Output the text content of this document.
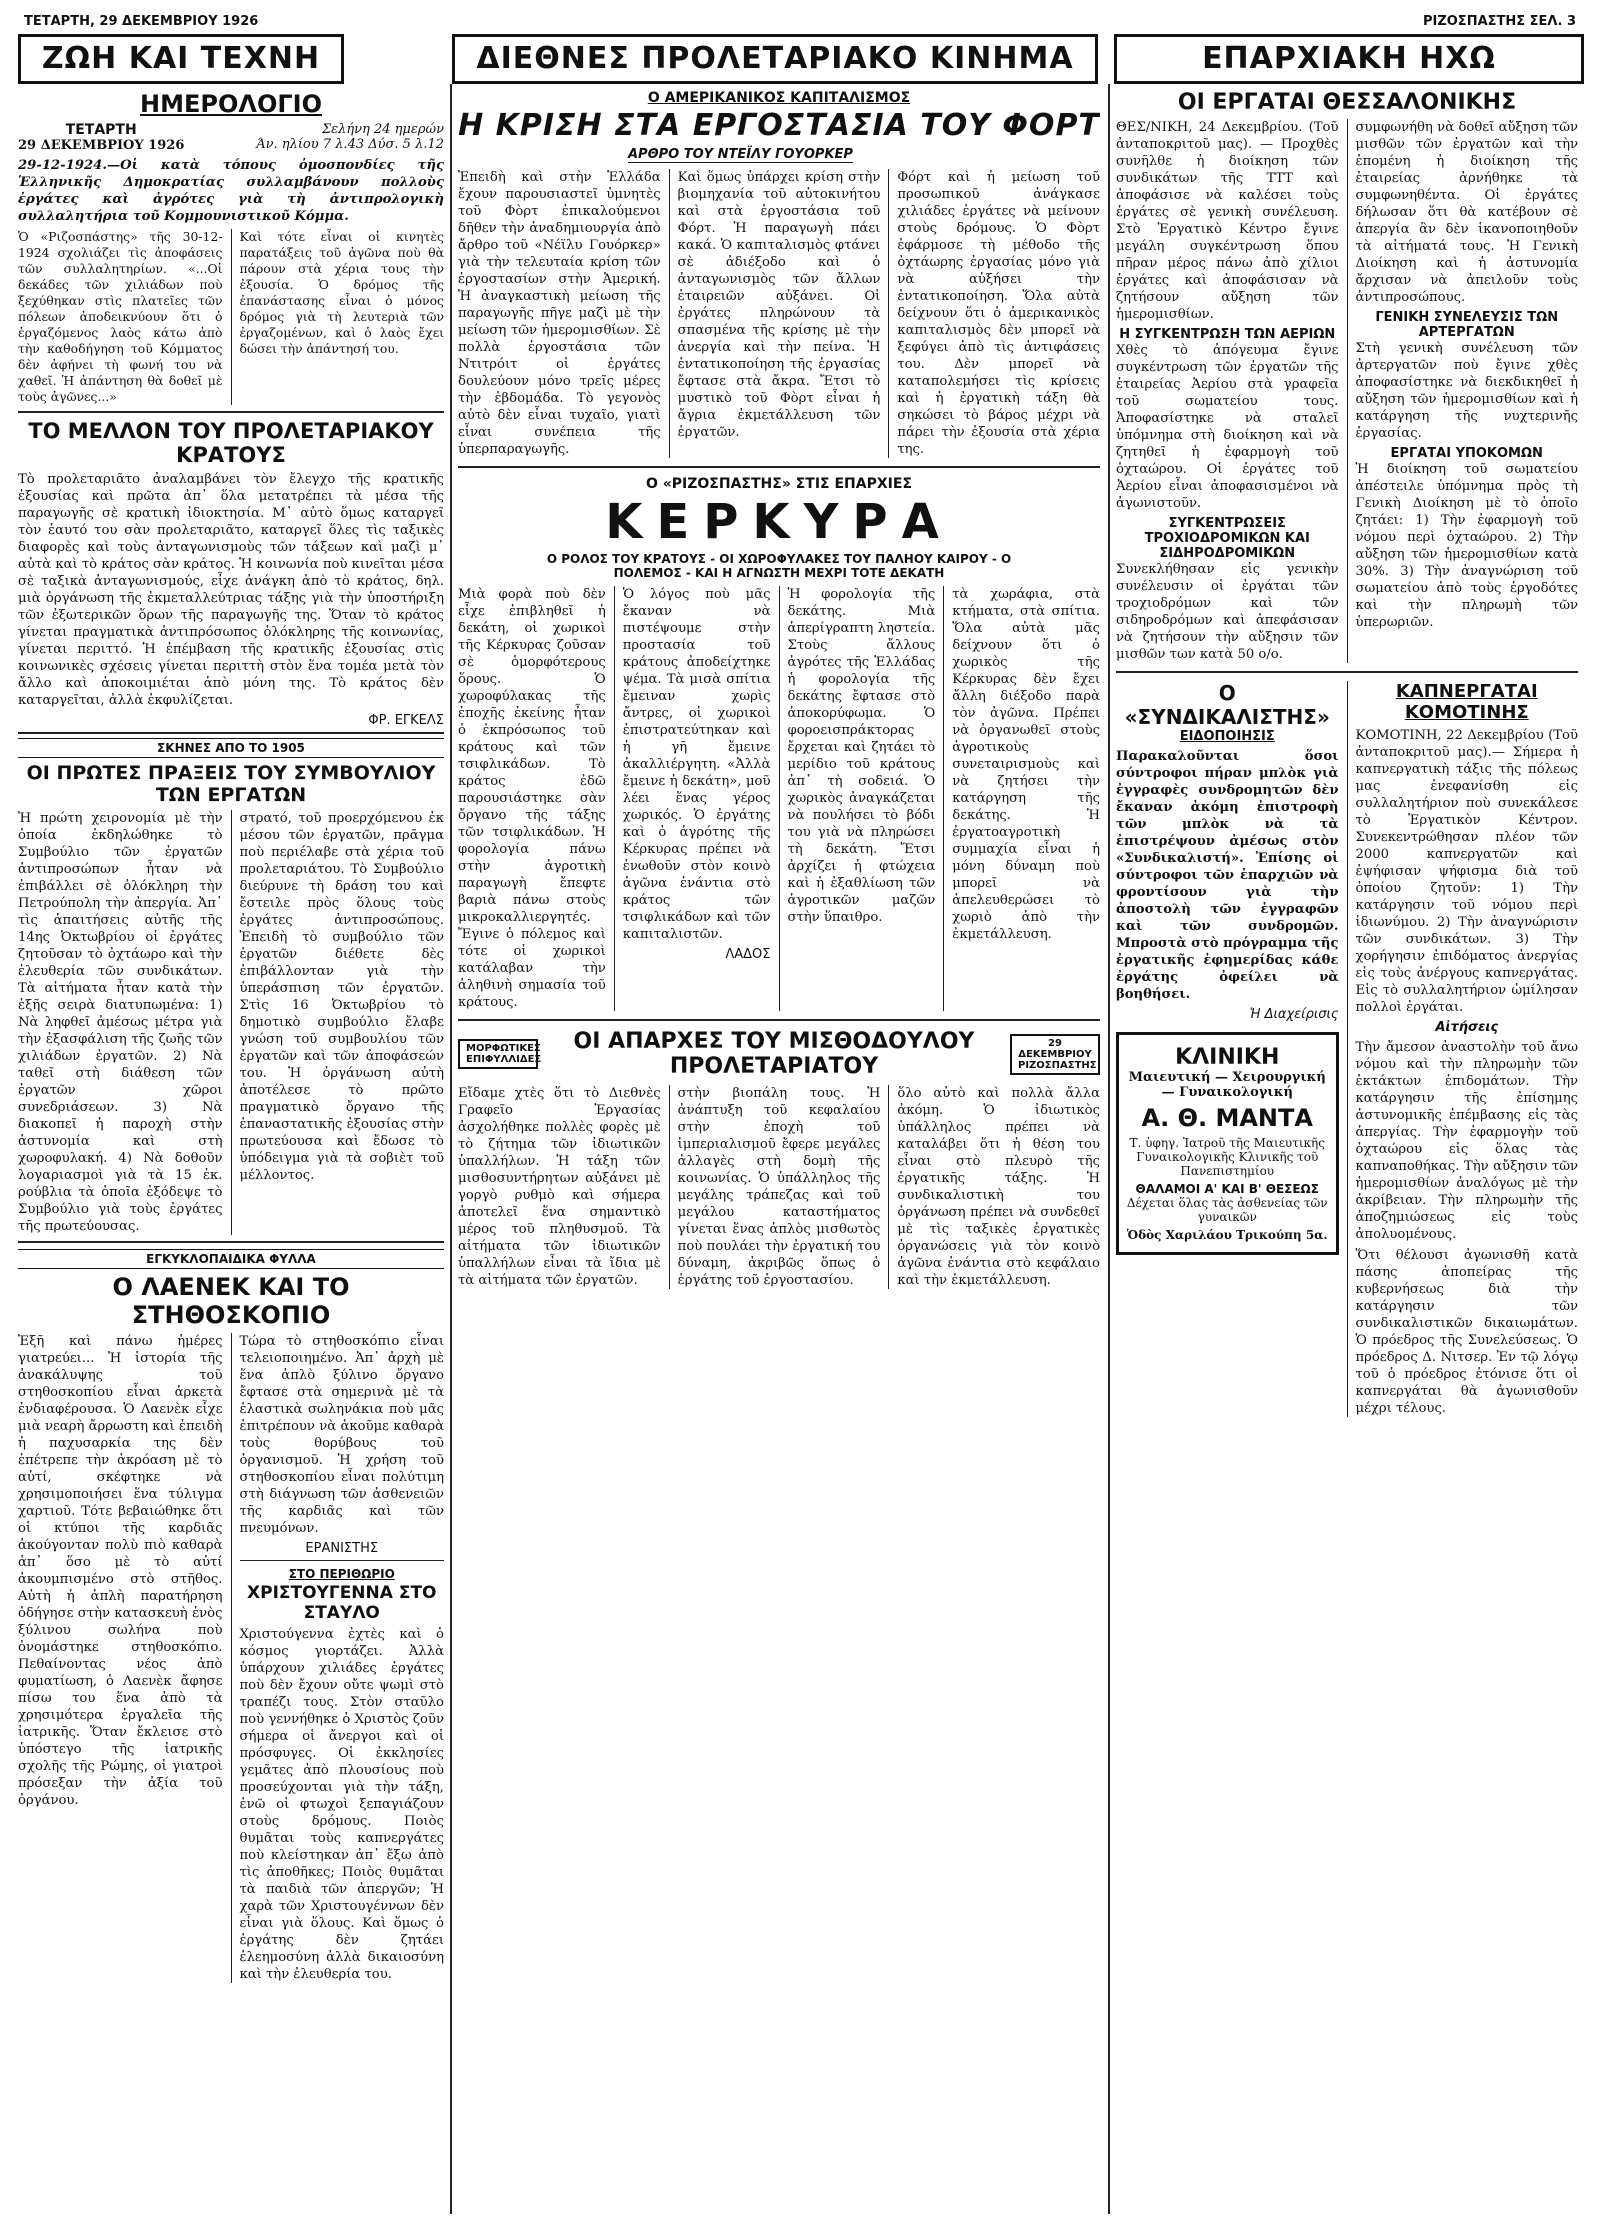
ΤΕΤΑΡΤΗ, 29 ΔΕΚΕΜΒΡΙΟΥ 1926	ΡΙΖΟΣΠΑΣΤΗΣ ΣΕΛ. 3
ΖΩΗ ΚΑΙ ΤΕΧΝΗ	ΔΙΕΘΝΕΣ ΠΡΟΛΕΤΑΡΙΑΚΟ ΚΙΝΗΜΑ	ΕΠΑΡΧΙΑΚΗ ΗΧΩ
ΗΜΕΡΟΛΟΓΙΟ
ΤΕΤΑΡΤΗ
29 ΔΕΚΕΜΒΡΙΟΥ 1926
Σελήνη 24 ημερών
Άν. ηλίου 7 λ.43 Δύσ. 5 λ.12

29-12-1924.—Οἱ κατὰ τόπους ὀμοσπονδίες τῆς Ἑλληνικῆς Δημοκρατίας συλλαμβάνουν πολλοὺς ἐργάτες καὶ ἀγρότες γιὰ τὴ ἀντιπρολογικὴ συλλαλητήρια τοῦ Κομμουνιστικοῦ Κόμμα.

Ὁ «Ριζοσπάστης» τῆς 30-12-1924 σχολιάζει τὶς ἀποφάσεις τῶν συλλαλητηρίων. «...Οἱ δεκάδες τῶν χιλιάδων ποὺ ξεχύθηκαν στὶς πλατεῖες τῶν πόλεων ἀποδεικνύουν ὅτι ὁ ἐργαζόμενος λαὸς κάτω ἀπὸ τὴν καθοδήγηση τοῦ Κόμματος δὲν ἀφήνει τὴ φωνή του νὰ χαθεῖ. Ἡ ἀπάντηση θὰ δοθεῖ μὲ τοὺς ἀγῶνες...»

Καὶ τότε εἶναι οἱ κινητὲς παρατάξεις τοῦ ἀγῶνα ποὺ θὰ πάρουν στὰ χέρια τους τὴν ἐξουσία. Ὁ δρόμος τῆς ἐπανάστασης εἶναι ὁ μόνος δρόμος γιὰ τὴ λευτεριὰ τῶν ἐργαζομένων, καὶ ὁ λαὸς ἔχει δώσει τὴν ἀπάντησή του.

ΤΟ ΜΕΛΛΟΝ ΤΟΥ ΠΡΟΛΕΤΑΡΙΑΚΟΥ ΚΡΑΤΟΥΣ

Τὸ προλεταριᾶτο ἀναλαμβάνει τὸν ἔλεγχο τῆς κρατικῆς ἐξουσίας καὶ πρῶτα ἀπ᾽ ὅλα μετατρέπει τὰ μέσα τῆς παραγωγῆς σὲ κρατικὴ ἰδιοκτησία. Μ᾽ αὐτὸ ὅμως καταργεῖ τὸν ἑαυτό του σὰν προλεταριᾶτο, καταργεῖ ὅλες τὶς ταξικὲς διαφορὲς καὶ τοὺς ἀνταγωνισμοὺς τῶν τάξεων καὶ μαζὶ μ᾽ αὐτὰ καὶ τὸ κράτος σὰν κράτος. Ἡ κοινωνία ποὺ κινεῖται μέσα σὲ ταξικὰ ἀνταγωνισμούς, εἶχε ἀνάγκη ἀπὸ τὸ κράτος, δηλ. μιὰ ὀργάνωση τῆς ἐκμεταλλεύτριας τάξης γιὰ τὴν ὑποστήριξη τῶν ἐξωτερικῶν ὅρων τῆς παραγωγῆς της. Ὅταν τὸ κράτος γίνεται πραγματικὰ ἀντιπρόσωπος ὁλόκληρης τῆς κοινωνίας, γίνεται περιττό. Ἡ ἐπέμβαση τῆς κρατικῆς ἐξουσίας στὶς κοινωνικὲς σχέσεις γίνεται περιττὴ στὸν ἕνα τομέα μετὰ τὸν ἄλλο καὶ ἀποκοιμιέται ἀπὸ μόνη της. Τὸ κράτος δὲν καταργεῖται, ἀλλὰ ἐκφυλίζεται.

ΦΡ. ΕΓΚΕΛΣ
ΣΚΗΝΕΣ ΑΠΟ ΤΟ 1905
ΟΙ ΠΡΩΤΕΣ ΠΡΑΞΕΙΣ ΤΟΥ ΣΥΜΒΟΥΛΙΟΥ ΤΩΝ ΕΡΓΑΤΩΝ

Ἡ πρώτη χειρονομία μὲ τὴν ὁποία ἐκδηλώθηκε τὸ Συμβούλιο τῶν ἐργατῶν ἀντιπροσώπων ἦταν νὰ ἐπιβάλλει σὲ ὁλόκληρη τὴν Πετρούπολη τὴν ἀπεργία. Ἀπ᾽ τὶς ἀπαιτήσεις αὐτῆς τῆς 14ης Ὀκτωβρίου οἱ ἐργάτες ζητοῦσαν τὸ ὀχτάωρο καὶ τὴν ἐλευθερία τῶν συνδικάτων. Τὰ αἰτήματα ἦταν κατὰ τὴν ἑξῆς σειρὰ διατυπωμένα: 1) Νὰ ληφθεῖ ἀμέσως μέτρα γιὰ τὴν ἐξασφάλιση τῆς ζωῆς τῶν χιλιάδων ἐργατῶν. 2) Νὰ ταθεῖ στὴ διάθεση τῶν ἐργατῶν χῶροι συνεδριάσεων. 3) Νὰ διακοπεῖ ἡ παροχὴ στὴν ἀστυνομία καὶ στὴ χωροφυλακή. 4) Νὰ δοθοῦν λογαριασμοὶ γιὰ τὰ 15 ἑκ. ρούβλια τὰ ὁποῖα ἐξόδεψε τὸ Συμβούλιο γιὰ τοὺς ἐργάτες τῆς πρωτεύουσας.

στρατό, τοῦ προερχόμενου ἐκ μέσου τῶν ἐργατῶν, πρᾶγμα ποὺ περιέλαβε στὰ χέρια τοῦ προλεταριάτου. Τὸ Συμβούλιο διεύρυνε τὴ δράση του καὶ ἔστειλε πρὸς ὅλους τοὺς ἐργάτες ἀντιπροσώπους. Ἐπειδὴ τὸ συμβούλιο τῶν ἐργατῶν διέθετε δὲς ἐπιβάλλονταν γιὰ τὴν ὑπεράσπιση τῶν ἐργατῶν. Στὶς 16 Ὀκτωβρίου τὸ δημοτικὸ συμβούλιο ἔλαβε γνώση τοῦ συμβουλίου τῶν ἐργατῶν καὶ τῶν ἀποφάσεών του. Ἡ ὀργάνωση αὐτὴ ἀποτέλεσε τὸ πρῶτο πραγματικὸ ὄργανο τῆς ἐπαναστατικῆς ἐξουσίας στὴν πρωτεύουσα καὶ ἔδωσε τὸ ὑπόδειγμα γιὰ τὰ σοβιὲτ τοῦ μέλλοντος.

ΕΓΚΥΚΛΟΠΑΙΔΙΚΑ ΦΥΛΛΑ
Ο ΛΑΕΝΕΚ ΚΑΙ ΤΟ ΣΤΗΘΟΣΚΟΠΙΟ

Ἑξῆ καὶ πάνω ἡμέρες γιατρεύει... Ἡ ἱστορία τῆς ἀνακάλυψης τοῦ στηθοσκοπίου εἶναι ἀρκετὰ ἐνδιαφέρουσα. Ὁ Λαενὲκ εἶχε μιὰ νεαρὴ ἄρρωστη καὶ ἐπειδὴ ἡ παχυσαρκία της δὲν ἐπέτρεπε τὴν ἀκρόαση μὲ τὸ αὐτί, σκέφτηκε νὰ χρησιμοποιήσει ἕνα τύλιγμα χαρτιοῦ. Τότε βεβαιώθηκε ὅτι οἱ κτύποι τῆς καρδιᾶς ἀκούγονταν πολὺ πιὸ καθαρὰ ἀπ᾽ ὅσο μὲ τὸ αὐτί ἀκουμπισμένο στὸ στῆθος. Αὐτὴ ἡ ἁπλὴ παρατήρηση ὁδήγησε στὴν κατασκευὴ ἑνὸς ξύλινου σωλήνα ποὺ ὀνομάστηκε στηθοσκόπιο. Πεθαίνοντας νέος ἀπὸ φυματίωση, ὁ Λαενὲκ ἄφησε πίσω του ἕνα ἀπὸ τὰ χρησιμότερα ἐργαλεῖα τῆς ἰατρικῆς. Ὅταν ἔκλεισε στὸ ὑπόστεγο τῆς ἰατρικῆς σχολῆς τῆς Ρώμης, οἱ γιατροὶ πρόσεξαν τὴν ἀξία τοῦ ὀργάνου.

Τώρα τὸ στηθοσκόπιο εἶναι τελειοποιημένο. Ἀπ᾽ ἀρχὴ μὲ ἕνα ἁπλὸ ξύλινο ὄργανο ἔφτασε στὰ σημερινὰ μὲ τὰ ἐλαστικὰ σωληνάκια ποὺ μᾶς ἐπιτρέπουν νὰ ἀκοῦμε καθαρὰ τοὺς θορύβους τοῦ ὀργανισμοῦ. Ἡ χρήση τοῦ στηθοσκοπίου εἶναι πολύτιμη στὴ διάγνωση τῶν ἀσθενειῶν τῆς καρδιᾶς καὶ τῶν πνευμόνων.

ΕΡΑΝΙΣΤΗΣ
ΣΤΟ ΠΕΡΙΘΩΡΙΟ
ΧΡΙΣΤΟΥΓΕΝΝΑ ΣΤΟ ΣΤΑΥΛΟ

Χριστούγεννα ἐχτὲς καὶ ὁ κόσμος γιορτάζει. Ἀλλὰ ὑπάρχουν χιλιάδες ἐργάτες ποὺ δὲν ἔχουν οὔτε ψωμὶ στὸ τραπέζι τους. Στὸν σταῦλο ποὺ γεννήθηκε ὁ Χριστὸς ζοῦν σήμερα οἱ ἄνεργοι καὶ οἱ πρόσφυγες. Οἱ ἐκκλησίες γεμᾶτες ἀπὸ πλουσίους ποὺ προσεύχονται γιὰ τὴν τάξη, ἐνῶ οἱ φτωχοὶ ξεπαγιάζουν στοὺς δρόμους. Ποιὸς θυμᾶται τοὺς καπνεργάτες ποὺ κλείστηκαν ἀπ᾽ ἔξω ἀπὸ τὶς ἀποθῆκες; Ποιὸς θυμᾶται τὰ παιδιὰ τῶν ἀπεργῶν; Ἡ χαρὰ τῶν Χριστουγέννων δὲν εἶναι γιὰ ὅλους. Καὶ ὅμως ὁ ἐργάτης δὲν ζητάει ἐλεημοσύνη ἀλλὰ δικαιοσύνη καὶ τὴν ἐλευθερία του.

Ο ΑΜΕΡΙΚΑΝΙΚΟΣ ΚΑΠΙΤΑΛΙΣΜΟΣ
Η ΚΡΙΣΗ ΣΤΑ ΕΡΓΟΣΤΑΣΙΑ ΤΟΥ ΦΟΡΤ
ΑΡΘΡΟ ΤΟΥ ΝΤΕΪΛΥ ΓΟΥΟΡΚΕΡ

Ἐπειδὴ καὶ στὴν Ἑλλάδα ἔχουν παρουσιαστεῖ ὑμνητὲς τοῦ Φὸρτ ἐπικαλούμενοι δῆθεν τὴν ἀναδημιουργία ἀπὸ ἄρθρο τοῦ «Νέϊλυ Γουόρκερ» γιὰ τὴν τελευταία κρίση τῶν ἐργοστασίων στὴν Ἀμερική. Ἡ ἀναγκαστικὴ μείωση τῆς παραγωγῆς πῆγε μαζὶ μὲ τὴν μείωση τῶν ἡμερομισθίων. Σὲ πολλὰ ἐργοστάσια τῶν Ντιτρόιτ οἱ ἐργάτες δουλεύουν μόνο τρεῖς μέρες τὴν ἑβδομάδα. Τὸ γεγονὸς αὐτὸ δὲν εἶναι τυχαῖο, γιατὶ εἶναι συνέπεια τῆς ὑπερπαραγωγῆς.

Καὶ ὅμως ὑπάρχει κρίση στὴν βιομηχανία τοῦ αὐτοκινήτου καὶ στὰ ἐργοστάσια τοῦ Φόρτ. Ἡ παραγωγὴ πάει κακά. Ὁ καπιταλισμὸς φτάνει σὲ ἀδιέξοδο καὶ ὁ ἀνταγωνισμὸς τῶν ἄλλων ἑταιρειῶν αὐξάνει. Οἱ ἐργάτες πληρώνουν τὰ σπασμένα τῆς κρίσης μὲ τὴν ἀνεργία καὶ τὴν πείνα. Ἡ ἐντατικοποίηση τῆς ἐργασίας ἔφτασε στὰ ἄκρα. Ἔτσι τὸ μυστικὸ τοῦ Φὸρτ εἶναι ἡ ἄγρια ἐκμετάλλευση τῶν ἐργατῶν.

Φόρτ καὶ ἡ μείωση τοῦ προσωπικοῦ ἀνάγκασε χιλιάδες ἐργάτες νὰ μείνουν στοὺς δρόμους. Ὁ Φὸρτ ἐφάρμοσε τὴ μέθοδο τῆς ὀχτάωρης ἐργασίας μόνο γιὰ νὰ αὐξήσει τὴν ἐντατικοποίηση. Ὅλα αὐτὰ δείχνουν ὅτι ὁ ἀμερικανικὸς καπιταλισμὸς δὲν μπορεῖ νὰ ξεφύγει ἀπὸ τὶς ἀντιφάσεις του. Δὲν μπορεῖ νὰ καταπολεμήσει τὶς κρίσεις καὶ ἡ ἐργατικὴ τάξη θὰ σηκώσει τὸ βάρος μέχρι νὰ πάρει τὴν ἐξουσία στὰ χέρια της.

Ο «ΡΙΖΟΣΠΑΣΤΗΣ» ΣΤΙΣ ΕΠΑΡΧΙΕΣ
ΚΕΡΚΥΡΑ
Ο ΡΟΛΟΣ ΤΟΥ ΚΡΑΤΟΥΣ - ΟΙ ΧΩΡΟΦΥΛΑΚΕΣ ΤΟΥ ΠΑΛΗΟΥ ΚΑΙΡΟΥ - Ο ΠΟΛΕΜΟΣ - ΚΑΙ Η ΑΓΝΩΣΤΗ ΜΕΧΡΙ ΤΟΤΕ ΔΕΚΑΤΗ

Μιὰ φορὰ ποὺ δὲν εἶχε ἐπιβληθεῖ ἡ δεκάτη, οἱ χωρικοὶ τῆς Κέρκυρας ζοῦσαν σὲ ὁμορφότερους ὅρους. Ὁ χωροφύλακας τῆς ἐποχῆς ἐκείνης ἦταν ὁ ἐκπρόσωπος τοῦ κράτους καὶ τῶν τσιφλικάδων. Τὸ κράτος ἐδῶ παρουσιάστηκε σὰν ὄργανο τῆς τάξης τῶν τσιφλικάδων. Ἡ φορολογία πάνω στὴν ἀγροτικὴ παραγωγὴ ἔπεφτε βαριὰ πάνω στοὺς μικροκαλλιεργητές. Ἔγινε ὁ πόλεμος καὶ τότε οἱ χωρικοὶ κατάλαβαν τὴν ἀληθινὴ σημασία τοῦ κράτους.

Ὁ λόγος ποὺ μᾶς ἔκαναν νὰ πιστέψουμε στὴν προστασία τοῦ κράτους ἀποδείχτηκε ψέμα. Τὰ μισὰ σπίτια ἔμειναν χωρὶς ἄντρες, οἱ χωρικοὶ ἐπιστρατεύτηκαν καὶ ἡ γῆ ἔμεινε ἀκαλλιέργητη. «Ἀλλὰ ἔμεινε ἡ δεκάτη», μοῦ λέει ἕνας γέρος χωρικός. Ὁ ἐργάτης καὶ ὁ ἀγρότης τῆς Κέρκυρας πρέπει νὰ ἑνωθοῦν στὸν κοινὸ ἀγῶνα ἐνάντια στὸ κράτος τῶν τσιφλικάδων καὶ τῶν καπιταλιστῶν.

ΛΑΔΟΣ

Ἡ φορολογία τῆς δεκάτης. Μιὰ ἀπερίγραπτη ληστεία. Στοὺς ἄλλους ἀγρότες τῆς Ἑλλάδας ἡ φορολογία τῆς δεκάτης ἔφτασε στὸ ἀποκορύφωμα. Ὁ φοροεισπράκτορας ἔρχεται καὶ ζητάει τὸ μερίδιο τοῦ κράτους ἀπ᾽ τὴ σοδειά. Ὁ χωρικὸς ἀναγκάζεται νὰ πουλήσει τὸ βόδι του γιὰ νὰ πληρώσει τὴ δεκάτη. Ἔτσι ἀρχίζει ἡ φτώχεια καὶ ἡ ἐξαθλίωση τῶν ἀγροτικῶν μαζῶν στὴν ὕπαιθρο.

τὰ χωράφια, στὰ κτήματα, στὰ σπίτια. Ὅλα αὐτὰ μᾶς δείχνουν ὅτι ὁ χωρικὸς τῆς Κέρκυρας δὲν ἔχει ἄλλη διέξοδο παρὰ τὸν ἀγῶνα. Πρέπει νὰ ὀργανωθεῖ στοὺς ἀγροτικοὺς συνεταιρισμοὺς καὶ νὰ ζητήσει τὴν κατάργηση τῆς δεκάτης. Ἡ ἐργατοαγροτικὴ συμμαχία εἶναι ἡ μόνη δύναμη ποὺ μπορεῖ νὰ ἀπελευθερώσει τὸ χωριὸ ἀπὸ τὴν ἐκμετάλλευση.

ΜΟΡΦΩΤΙΚΕΣ ΕΠΙΦΥΛΛΙΔΕΣ
ΟΙ ΑΠΑΡΧΕΣ ΤΟΥ ΜΙΣΘΟΔΟΥΛΟΥ ΠΡΟΛΕΤΑΡΙΑΤΟΥ
29 ΔΕΚΕΜΒΡΙΟΥ ΡΙΖΟΣΠΑΣΤΗΣ

Εἴδαμε χτὲς ὅτι τὸ Διεθνὲς Γραφεῖο Ἐργασίας ἀσχολήθηκε πολλὲς φορὲς μὲ τὸ ζήτημα τῶν ἰδιωτικῶν ὑπαλλήλων. Ἡ τάξη τῶν μισθοσυντήρητων αὐξάνει μὲ γοργὸ ρυθμὸ καὶ σήμερα ἀποτελεῖ ἕνα σημαντικὸ μέρος τοῦ πληθυσμοῦ. Τὰ αἰτήματα τῶν ἰδιωτικῶν ὑπαλλήλων εἶναι τὰ ἴδια μὲ τὰ αἰτήματα τῶν ἐργατῶν.

στὴν βιοπάλη τους. Ἡ ἀνάπτυξη τοῦ κεφαλαίου στὴν ἐποχὴ τοῦ ἰμπεριαλισμοῦ ἔφερε μεγάλες ἀλλαγὲς στὴ δομὴ τῆς κοινωνίας. Ὁ ὑπάλληλος τῆς μεγάλης τράπεζας καὶ τοῦ μεγάλου καταστήματος γίνεται ἕνας ἀπλὸς μισθωτὸς ποὺ πουλάει τὴν ἐργατική του δύναμη, ἀκριβῶς ὅπως ὁ ἐργάτης τοῦ ἐργοστασίου.

ὅλο αὐτὸ καὶ πολλὰ ἄλλα ἀκόμη. Ὁ ἰδιωτικὸς ὑπάλληλος πρέπει νὰ καταλάβει ὅτι ἡ θέση του εἶναι στὸ πλευρὸ τῆς ἐργατικῆς τάξης. Ἡ συνδικαλιστικὴ του ὀργάνωση πρέπει νὰ συνδεθεῖ μὲ τὶς ταξικὲς ἐργατικὲς ὀργανώσεις γιὰ τὸν κοινὸ ἀγῶνα ἐνάντια στὸ κεφάλαιο καὶ τὴν ἐκμετάλλευση.

ΟΙ ΕΡΓΑΤΑΙ ΘΕΣΣΑΛΟΝΙΚΗΣ

ΘΕΣ/ΝΙΚΗ, 24 Δεκεμβρίου. (Τοῦ ἀνταποκριτοῦ μας). — Προχθὲς συνῆλθε ἡ διοίκηση τῶν συνδικάτων τῆς ΤΤΤ καὶ ἀποφάσισε νὰ καλέσει τοὺς ἐργάτες σὲ γενικὴ συνέλευση. Στὸ Ἐργατικὸ Κέντρο ἔγινε μεγάλη συγκέντρωση ὅπου πῆραν μέρος πάνω ἀπὸ χίλιοι ἐργάτες καὶ ἀποφάσισαν νὰ ζητήσουν αὔξηση τῶν ἡμερομισθίων.

Η ΣΥΓΚΕΝΤΡΩΣΗ ΤΩΝ ΑΕΡΙΩΝ

Χθὲς τὸ ἀπόγευμα ἔγινε συγκέντρωση τῶν ἐργατῶν τῆς ἑταιρείας Ἀερίου στὰ γραφεῖα τοῦ σωματείου τους. Ἀποφασίστηκε νὰ σταλεῖ ὑπόμνημα στὴ διοίκηση καὶ νὰ ζητηθεῖ ἡ ἐφαρμογὴ τοῦ ὀχταώρου. Οἱ ἐργάτες τοῦ Ἀερίου εἶναι ἀποφασισμένοι νὰ ἀγωνιστοῦν.

ΣΥΓΚΕΝΤΡΩΣΕΙΣ ΤΡΟΧΙΟΔΡΟΜΙΚΩΝ ΚΑΙ ΣΙΔΗΡΟΔΡΟΜΙΚΩΝ

Συνεκλήθησαν εἰς γενικὴν συνέλευσιν οἱ ἐργάται τῶν τροχιοδρόμων καὶ τῶν σιδηροδρόμων καὶ ἀπεφάσισαν νὰ ζητήσουν τὴν αὔξησιν τῶν μισθῶν των κατὰ 50 ο/ο.

συμφωνήθη νὰ δοθεῖ αὔξηση τῶν μισθῶν τῶν ἐργατῶν καὶ τὴν ἐπομένη ἡ διοίκηση τῆς ἑταιρείας ἀρνήθηκε τὰ συμφωνηθέντα. Οἱ ἐργάτες δήλωσαν ὅτι θὰ κατέβουν σὲ ἀπεργία ἂν δὲν ἱκανοποιηθοῦν τὰ αἰτήματά τους. Ἡ Γενικὴ Διοίκηση καὶ ἡ ἀστυνομία ἄρχισαν νὰ ἀπειλοῦν τοὺς ἀντιπροσώπους.

ΓΕΝΙΚΗ ΣΥΝΕΛΕΥΣΙΣ ΤΩΝ ΑΡΤΕΡΓΑΤΩΝ

Στὴ γενικὴ συνέλευση τῶν ἀρτεργατῶν ποὺ ἔγινε χθὲς ἀποφασίστηκε νὰ διεκδικηθεῖ ἡ αὔξηση τῶν ἡμερομισθίων καὶ ἡ κατάργηση τῆς νυχτερινῆς ἐργασίας.

ΕΡΓΑΤΑΙ ΥΠΟΚΟΜΩΝ

Ἡ διοίκηση τοῦ σωματείου ἀπέστειλε ὑπόμνημα πρὸς τὴ Γενικὴ Διοίκηση μὲ τὸ ὁποῖο ζητάει: 1) Τὴν ἐφαρμογὴ τοῦ νόμου περὶ ὀχταώρου. 2) Τὴν αὔξηση τῶν ἡμερομισθίων κατὰ 30%. 3) Τὴν ἀναγνώριση τοῦ σωματείου ἀπὸ τοὺς ἐργοδότες καὶ τὴν πληρωμὴ τῶν ὑπερωριῶν.

Ο «ΣΥΝΔΙΚΑΛΙΣΤΗΣ»
ΕΙΔΟΠΟΙΗΣΙΣ

Παρακαλοῦνται ὅσοι σύντροφοι πήραν μπλὸκ γιὰ ἐγγραφὲς συνδρομητῶν δὲν ἔκαναν ἀκόμη ἐπιστροφὴ τῶν μπλὸκ νὰ τὰ ἐπιστρέψουν ἀμέσως στὸν «Συνδικαλιστή». Ἐπίσης οἱ σύντροφοι τῶν ἐπαρχιῶν νὰ φροντίσουν γιὰ τὴν ἀποστολὴ τῶν ἐγγραφῶν καὶ τῶν συνδρομῶν. Μπροστὰ στὸ πρόγραμμα τῆς ἐργατικῆς ἐφημερίδας κάθε ἐργάτης ὀφείλει νὰ βοηθήσει.

Ἡ Διαχείρισις
ΚΛΙΝΙΚΗ
Μαιευτική — Χειρουργική — Γυναικολογική
Α. Θ. ΜΑΝΤΑ
Τ. ὑφηγ. Ἰατροῦ τῆς Μαιευτικῆς Γυναικολογικῆς Κλινικῆς τοῦ Πανεπιστημίου
ΘΑΛΑΜΟΙ Α' ΚΑΙ Β' ΘΕΣΕΩΣ
Δέχεται ὅλας τὰς ἀσθενείας τῶν γυναικῶν
Ὁδὸς Χαριλάου Τρικούπη 5α.
ΚΑΠΝΕΡΓΑΤΑΙ ΚΟΜΟΤΙΝΗΣ

ΚΟΜΟΤΙΝΗ, 22 Δεκεμβρίου (Τοῦ ἀνταποκριτοῦ μας).— Σήμερα ἡ καπνεργατικὴ τάξις τῆς πόλεως μας ἐνεφανίσθη εἰς συλλαλητήριον ποὺ συνεκάλεσε τὸ Ἐργατικὸν Κέντρον. Συνεκεντρώθησαν πλέον τῶν 2000 καπνεργατῶν καὶ ἐψήφισαν ψήφισμα διὰ τοῦ ὁποίου ζητοῦν: 1) Τὴν κατάργησιν τοῦ νόμου περὶ ἰδιωνύμου. 2) Τὴν ἀναγνώρισιν τῶν συνδικάτων. 3) Τὴν χορήγησιν ἐπιδόματος ἀνεργίας εἰς τοὺς ἀνέργους καπνεργάτας. Εἰς τὸ συλλαλητήριον ὡμίλησαν πολλοὶ ἐργάται.

Αἰτήσεις

Τὴν ἄμεσον ἀναστολὴν τοῦ ἄνω νόμου καὶ τὴν πληρωμὴν τῶν ἐκτάκτων ἐπιδομάτων. Τὴν κατάργησιν τῆς ἐπίσημης ἀστυνομικῆς ἐπέμβασης εἰς τὰς ἀπεργίας. Τὴν ἐφαρμογὴν τοῦ ὀχταώρου εἰς ὅλας τὰς καπναποθήκας. Τὴν αὔξησιν τῶν ἡμερομισθίων ἀναλόγως μὲ τὴν ἀκρίβειαν. Τὴν πληρωμὴν τῆς ἀποζημιώσεως εἰς τοὺς ἀπολυομένους.

Ὅτι θέλουσι ἀγωνισθῆ κατὰ πάσης ἀποπείρας τῆς κυβερνήσεως διὰ τὴν κατάργησιν τῶν συνδικαλιστικῶν δικαιωμάτων. Ὁ πρόεδρος τῆς Συνελεύσεως. Ὁ πρόεδρος Δ. Νιτσερ. Ἐν τῷ λόγῳ τοῦ ὁ πρόεδρος ἐτόνισε ὅτι οἱ καπνεργάται θὰ ἀγωνισθοῦν μέχρι τέλους.
